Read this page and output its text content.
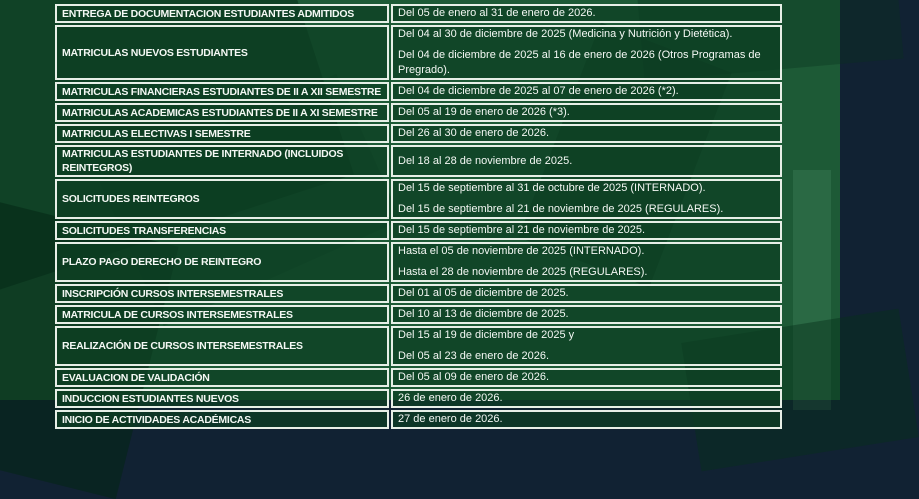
ENTREGA DE DOCUMENTACION ESTUDIANTES ADMITIDOS	Del 05 de enero al 31 de enero de 2026.

MATRICULAS NUEVOS ESTUDIANTES	Del 04 al 30 de diciembre de 2025 (Medicina y Nutrición y Dietética).

Del 04 de diciembre de 2025 al 16 de enero de 2026 (Otros Programas de Pregrado).

MATRICULAS FINANCIERAS ESTUDIANTES DE II A XII SEMESTRE	Del 04 de diciembre de 2025 al 07 de enero de 2026 (*2).

MATRICULAS ACADEMICAS ESTUDIANTES DE II A XI SEMESTRE	Del 05 al 19 de enero de 2026 (*3).

MATRICULAS ELECTIVAS I SEMESTRE	Del 26 al 30 de enero de 2026.

MATRICULAS ESTUDIANTES DE INTERNADO (INCLUIDOS REINTEGROS)	Del 18 al 28 de noviembre de 2025.

SOLICITUDES REINTEGROS	Del 15 de septiembre al 31 de octubre de 2025 (INTERNADO).

Del 15 de septiembre al 21 de noviembre de 2025 (REGULARES).

SOLICITUDES TRANSFERENCIAS	Del 15 de septiembre al 21 de noviembre de 2025.

PLAZO PAGO DERECHO DE REINTEGRO	Hasta el 05 de noviembre de 2025 (INTERNADO).

Hasta el 28 de noviembre de 2025 (REGULARES).

INSCRIPCIÓN CURSOS INTERSEMESTRALES	Del 01 al 05 de diciembre de 2025.

MATRICULA DE CURSOS INTERSEMESTRALES	Del 10 al 13 de diciembre de 2025.

REALIZACIÓN DE CURSOS INTERSEMESTRALES	Del 15 al 19 de diciembre de 2025 y

Del 05 al 23 de enero de 2026.

EVALUACION DE VALIDACIÓN	Del 05 al 09 de enero de 2026.

INDUCCION ESTUDIANTES NUEVOS	26 de enero de 2026.

INICIO DE ACTIVIDADES ACADÉMICAS	27 de enero de 2026.
